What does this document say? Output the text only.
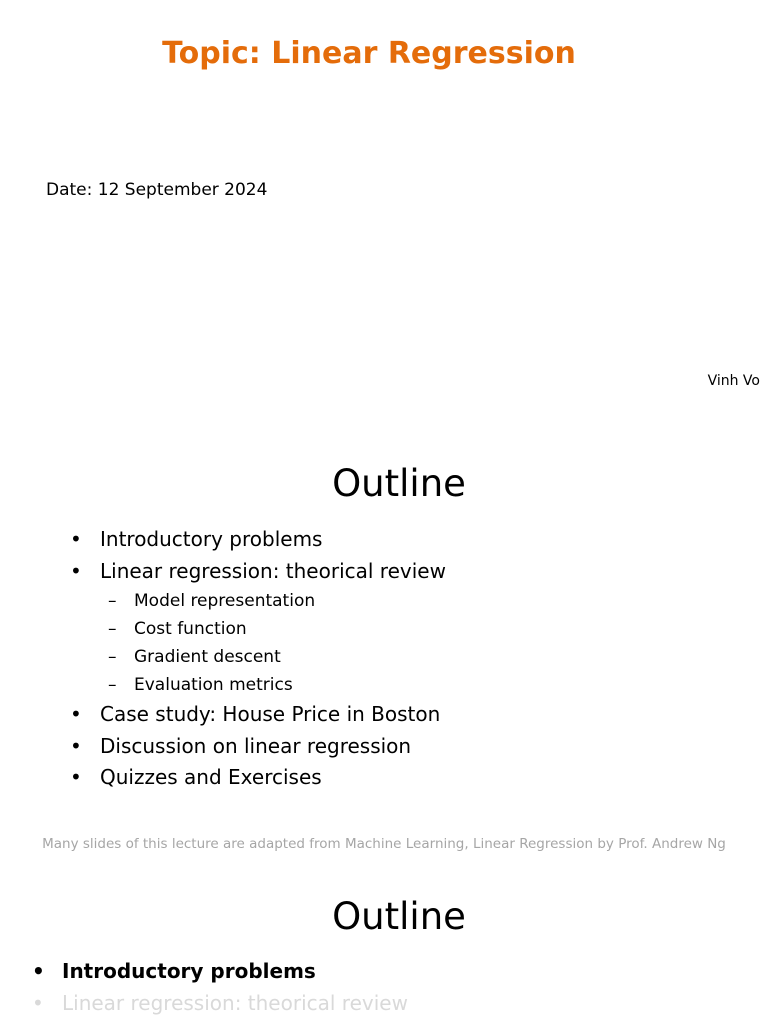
Topic: Linear Regression
Date: 12 September 2024
Vinh Vo
Outline
• Introductory problems
• Linear regression: theorical review
– Model representation
– Cost function
– Gradient descent
– Evaluation metrics
• Case study: House Price in Boston
• Discussion on linear regression
• Quizzes and Exercises
Many slides of this lecture are adapted from Machine Learning, Linear Regression by Prof. Andrew Ng
Outline
• Introductory problems
• Linear regression: theorical review
